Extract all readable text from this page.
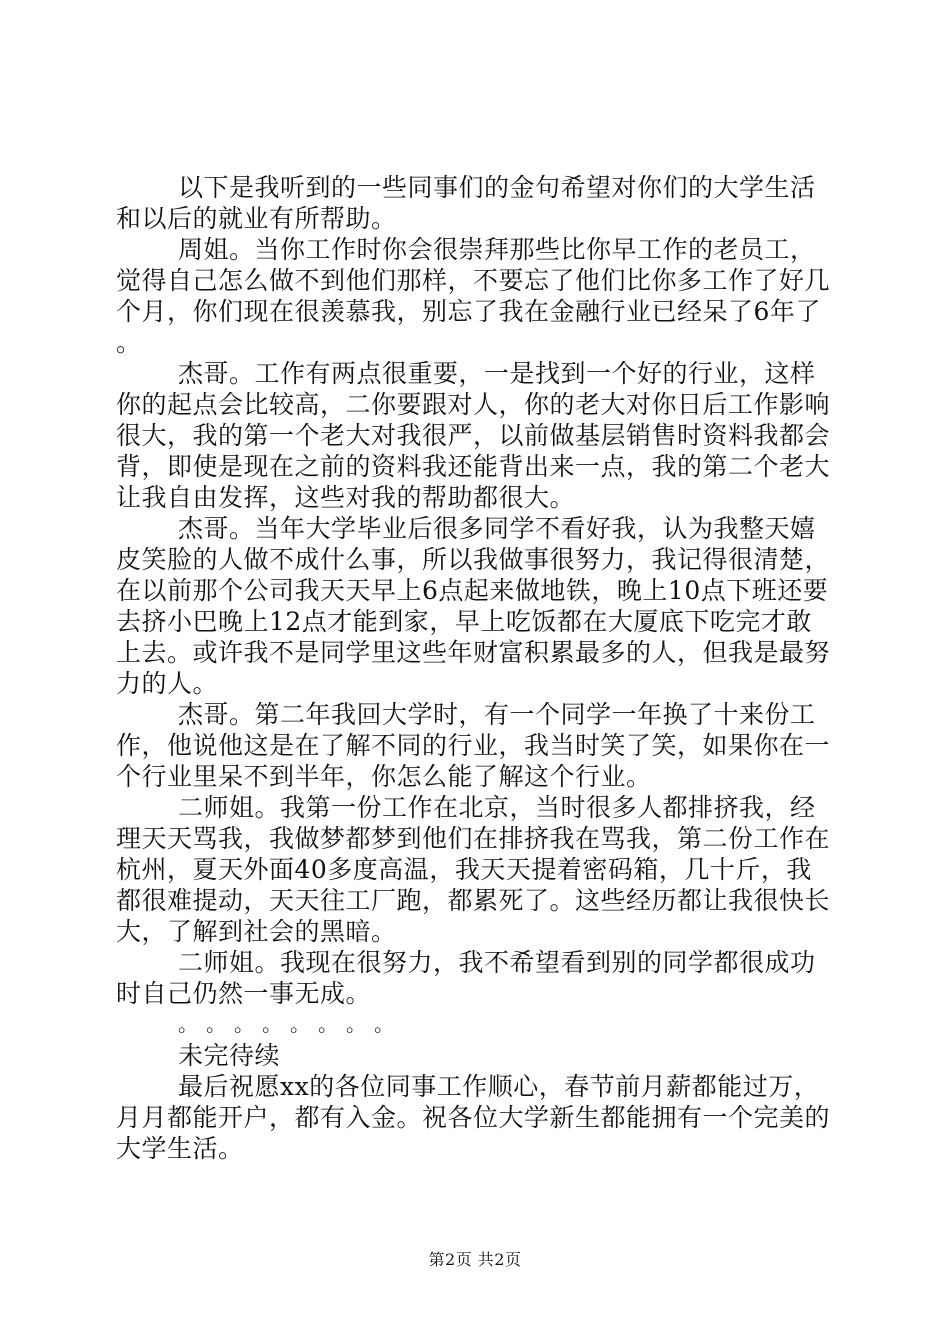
以下是我听到的一些同事们的金句希望对你们的大学生活和以后的就业有所帮助。

周姐。当你工作时你会很崇拜那些比你早工作的老员工，觉得自己怎么做不到他们那样，不要忘了他们比你多工作了好几个月，你们现在很羡慕我，别忘了我在金融行业已经呆了6年了。

杰哥。工作有两点很重要，一是找到一个好的行业，这样你的起点会比较高，二你要跟对人，你的老大对你日后工作影响很大，我的第一个老大对我很严，以前做基层销售时资料我都会背，即使是现在之前的资料我还能背出来一点，我的第二个老大让我自由发挥，这些对我的帮助都很大。

杰哥。当年大学毕业后很多同学不看好我，认为我整天嬉皮笑脸的人做不成什么事，所以我做事很努力，我记得很清楚，在以前那个公司我天天早上6点起来做地铁，晚上10点下班还要去挤小巴晚上12点才能到家，早上吃饭都在大厦底下吃完才敢上去。或许我不是同学里这些年财富积累最多的人，但我是最努力的人。

杰哥。第二年我回大学时，有一个同学一年换了十来份工作，他说他这是在了解不同的行业，我当时笑了笑，如果你在一个行业里呆不到半年，你怎么能了解这个行业。

二师姐。我第一份工作在北京，当时很多人都排挤我，经理天天骂我，我做梦都梦到他们在排挤我在骂我，第二份工作在杭州，夏天外面40多度高温，我天天提着密码箱，几十斤，我都很难提动，天天往工厂跑，都累死了。这些经历都让我很快长大，了解到社会的黑暗。

二师姐。我现在很努力，我不希望看到别的同学都很成功时自己仍然一事无成。

。。。。。。。。

未完待续

最后祝愿xx的各位同事工作顺心，春节前月薪都能过万，月月都能开户，都有入金。祝各位大学新生都能拥有一个完美的大学生活。

第2页 共2页
